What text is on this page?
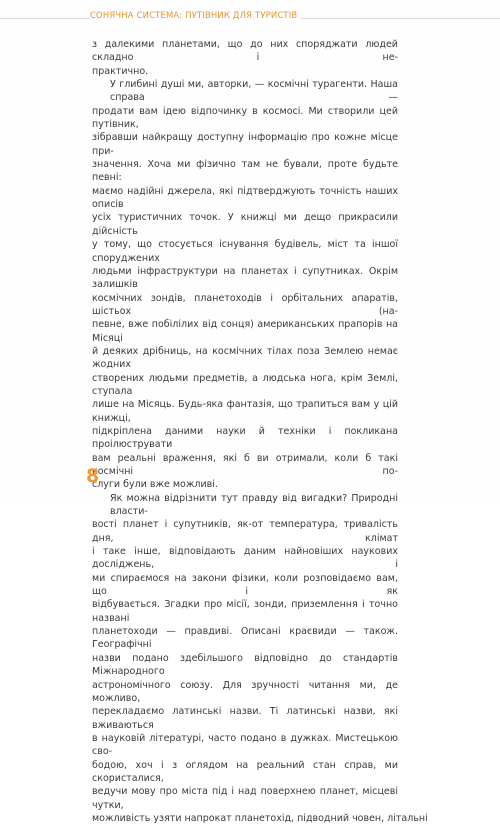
СОНЯЧНА СИСТЕМА: ПУТІВНИК ДЛЯ ТУРИСТІВ

з далекими планетами, що до них споряджати людей складно і не-
практично.

У глибині душі ми, авторки, — космічні турагенти. Наша справа —
продати вам ідею відпочинку в космосі. Ми створили цей путівник,
зібравши найкращу доступну інформацію про кожне місце при-
значення. Хоча ми фізично там не бували, проте будьте певні:
маємо надійні джерела, які підтверджують точність наших описів
усіх туристичних точок. У книжці ми дещо прикрасили дійсність
у тому, що стосується існування будівель, міст та іншої споруджених
людьми інфраструктури на планетах і супутниках. Окрім залишків
космічних зондів, планетоходів і орбітальних апаратів, шістьох (на-
певне, вже побілілих від сонця) американських прапорів на Місяці
й деяких дрібниць, на космічних тілах поза Землею немає жодних
створених людьми предметів, а людська нога, крім Землі, ступала
лише на Місяць. Будь-яка фантазія, що трапиться вам у цій книжці,
підкріплена даними науки й техніки і покликана проілюструвати
вам реальні враження, які б ви отримали, коли б такі космічні по-
слуги були вже можливі.

Як можна відрізнити тут правду від вигадки? Природні власти-
вості планет і супутників, як-от температура, тривалість дня, клімат
і таке інше, відповідають даним найновіших наукових досліджень, і
ми спираємося на закони фізики, коли розповідаємо вам, що і як
відбувається. Згадки про місії, зонди, приземлення і точно названі
планетоходи — правдиві. Описані краєвиди — також. Географічні
назви подано здебільшого відповідно до стандартів Міжнародного
астрономічного союзу. Для зручності читання ми, де можливо,
перекладаємо латинські назви. Ті латинські назви, які вживаються
в науковій літературі, часто подано в дужках. Мистецькою сво-
бодою, хоч і з оглядом на реальний стан справ, ми скористалися,
ведучи мову про міста під і над поверхнею планет, місцеві чутки,
можливість узяти напрокат планетохід, підводний човен, літальні

8
